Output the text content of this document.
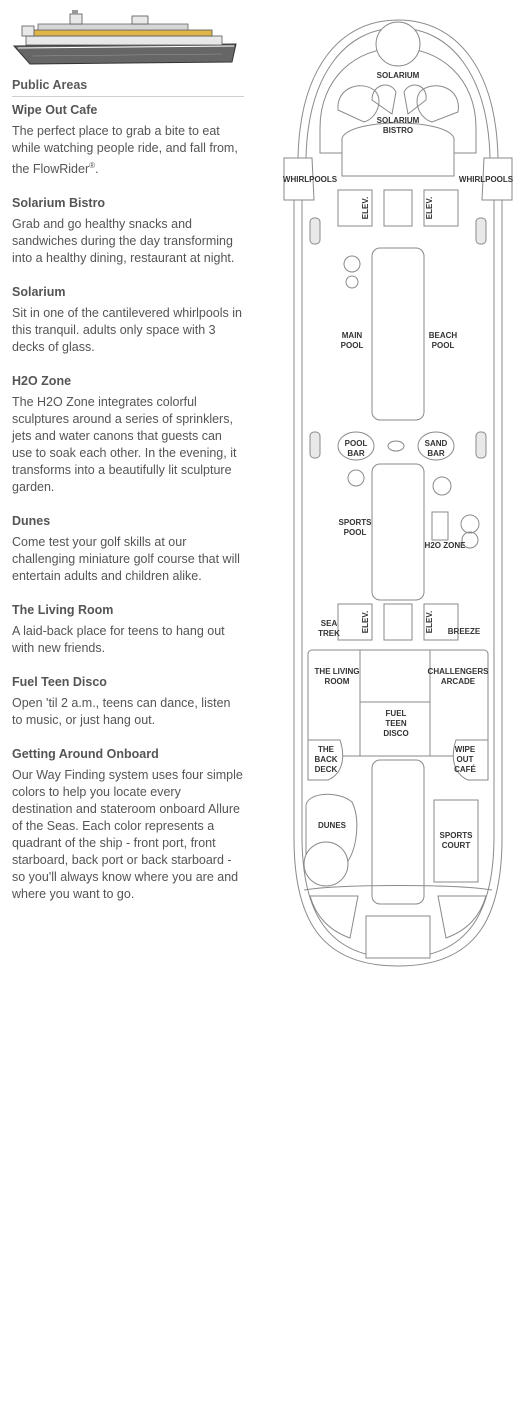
Public Areas
Wipe Out Cafe

The perfect place to grab a bite to eat while watching people ride, and fall from, the FlowRider®.

Solarium Bistro

Grab and go healthy snacks and sandwiches during the day transforming into a healthy dining, restaurant at night.

Solarium

Sit in one of the cantilevered whirlpools in this tranquil. adults only space with 3 decks of glass.

H2O Zone

The H2O Zone integrates colorful sculptures around a series of sprinklers, jets and water canons that guests can use to soak each other. In the evening, it transforms into a beautifully lit sculpture garden.

Dunes

Come test your golf skills at our challenging miniature golf course that will entertain adults and children alike.

The Living Room

A laid-back place for teens to hang out with new friends.

Fuel Teen Disco

Open 'til 2 a.m., teens can dance, listen to music, or just hang out.

Getting Around Onboard

Our Way Finding system uses four simple colors to help you locate every destination and stateroom onboard Allure of the Seas. Each color represents a quadrant of the ship - front port, front starboard, back port or back starboard - so you'll always know where you are and where you want to go.

SOLARIUM
SOLARIUM
BISTRO
WHIRLPOOLS	WHIRLPOOLS
ELEV.	ELEV.
MAIN
POOL
BEACH
POOL
POOL
BAR
SAND
BAR
SPORTS
POOL
H2O ZONE
ELEV.	ELEV.
SEA
TREK	BREEZE
THE LIVING
ROOM
CHALLENGERS
ARCADE
FUEL
TEEN
DISCO
THE
BACK
DECK
WIPE
OUT
CAFÉ
DUNES
SPORTS
COURT
